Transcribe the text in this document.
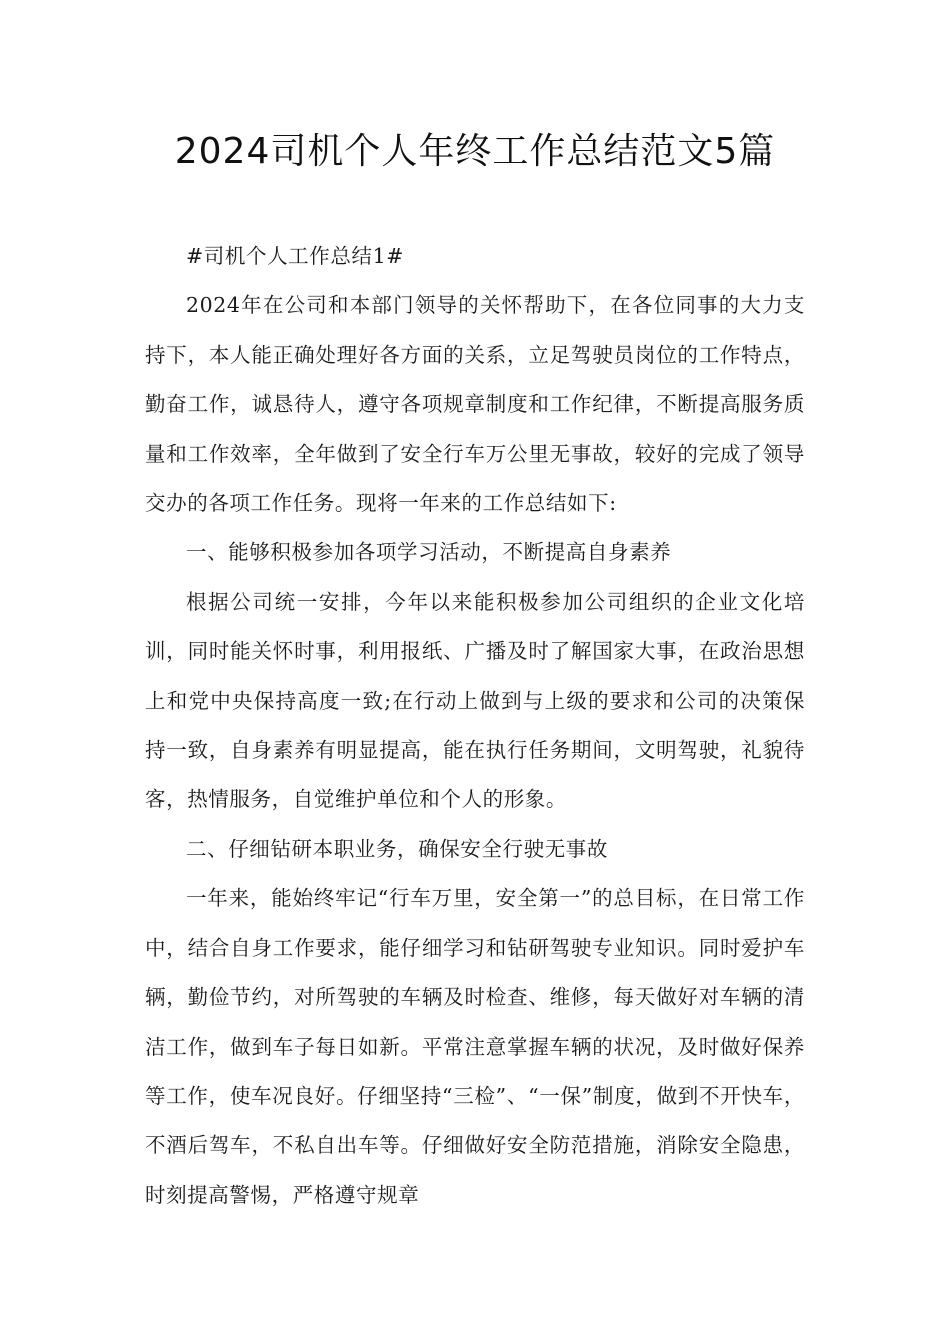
2024司机个人年终工作总结范文5篇

#司机个人工作总结1#

2024年在公司和本部门领导的关怀帮助下，在各位同事的大力支持下，本人能正确处理好各方面的关系，立足驾驶员岗位的工作特点，勤奋工作，诚恳待人，遵守各项规章制度和工作纪律，不断提高服务质量和工作效率，全年做到了安全行车万公里无事故，较好的完成了领导交办的各项工作任务。现将一年来的工作总结如下:

一、能够积极参加各项学习活动，不断提高自身素养

根据公司统一安排，今年以来能积极参加公司组织的企业文化培训，同时能关怀时事，利用报纸、广播及时了解国家大事，在政治思想上和党中央保持高度一致;在行动上做到与上级的要求和公司的决策保持一致，自身素养有明显提高，能在执行任务期间，文明驾驶，礼貌待客，热情服务，自觉维护单位和个人的形象。

二、仔细钻研本职业务，确保安全行驶无事故

一年来，能始终牢记“行车万里，安全第一”的总目标，在日常工作中，结合自身工作要求，能仔细学习和钻研驾驶专业知识。同时爱护车辆，勤俭节约，对所驾驶的车辆及时检查、维修，每天做好对车辆的清洁工作，做到车子每日如新。平常注意掌握车辆的状况，及时做好保养等工作，使车况良好。仔细坚持“三检”、“一保”制度，做到不开快车，不酒后驾车，不私自出车等。仔细做好安全防范措施，消除安全隐患，时刻提高警惕，严格遵守规章
